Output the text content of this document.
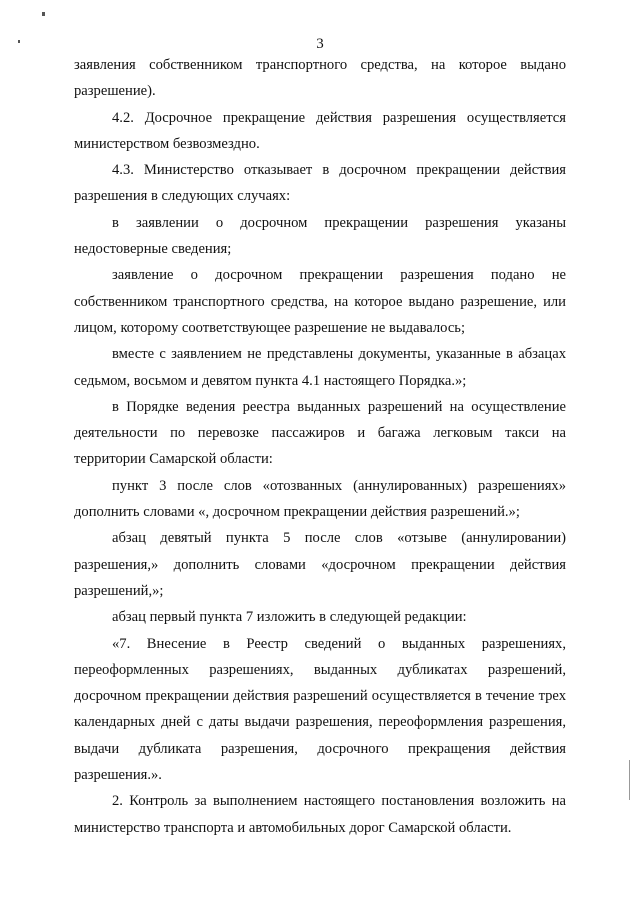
3

заявления собственником транспортного средства, на которое выдано разрешение).

4.2. Досрочное прекращение действия разрешения осуществляется министерством безвозмездно.

4.3. Министерство отказывает в досрочном прекращении действия разрешения в следующих случаях:

в заявлении о досрочном прекращении разрешения указаны недостоверные сведения;

заявление о досрочном прекращении разрешения подано не собственником транспортного средства, на которое выдано разрешение, или лицом, которому соответствующее разрешение не выдавалось;

вместе с заявлением не представлены документы, указанные в абзацах седьмом, восьмом и девятом пункта 4.1 настоящего Порядка.»;

в Порядке ведения реестра выданных разрешений на осуществление деятельности по перевозке пассажиров и багажа легковым такси на территории Самарской области:

пункт 3 после слов «отозванных (аннулированных) разрешениях» дополнить словами «, досрочном прекращении действия разрешений.»;

абзац девятый пункта 5 после слов «отзыве (аннулировании) разрешения,» дополнить словами «досрочном прекращении действия разрешений,»;

абзац первый пункта 7 изложить в следующей редакции:

«7. Внесение в Реестр сведений о выданных разрешениях, переоформленных разрешениях, выданных дубликатах разрешений, досрочном прекращении действия разрешений осуществляется в течение трех календарных дней с даты выдачи разрешения, переоформления разрешения, выдачи дубликата разрешения, досрочного прекращения действия разрешения.».

2. Контроль за выполнением настоящего постановления возложить на министерство транспорта и автомобильных дорог Самарской области.
